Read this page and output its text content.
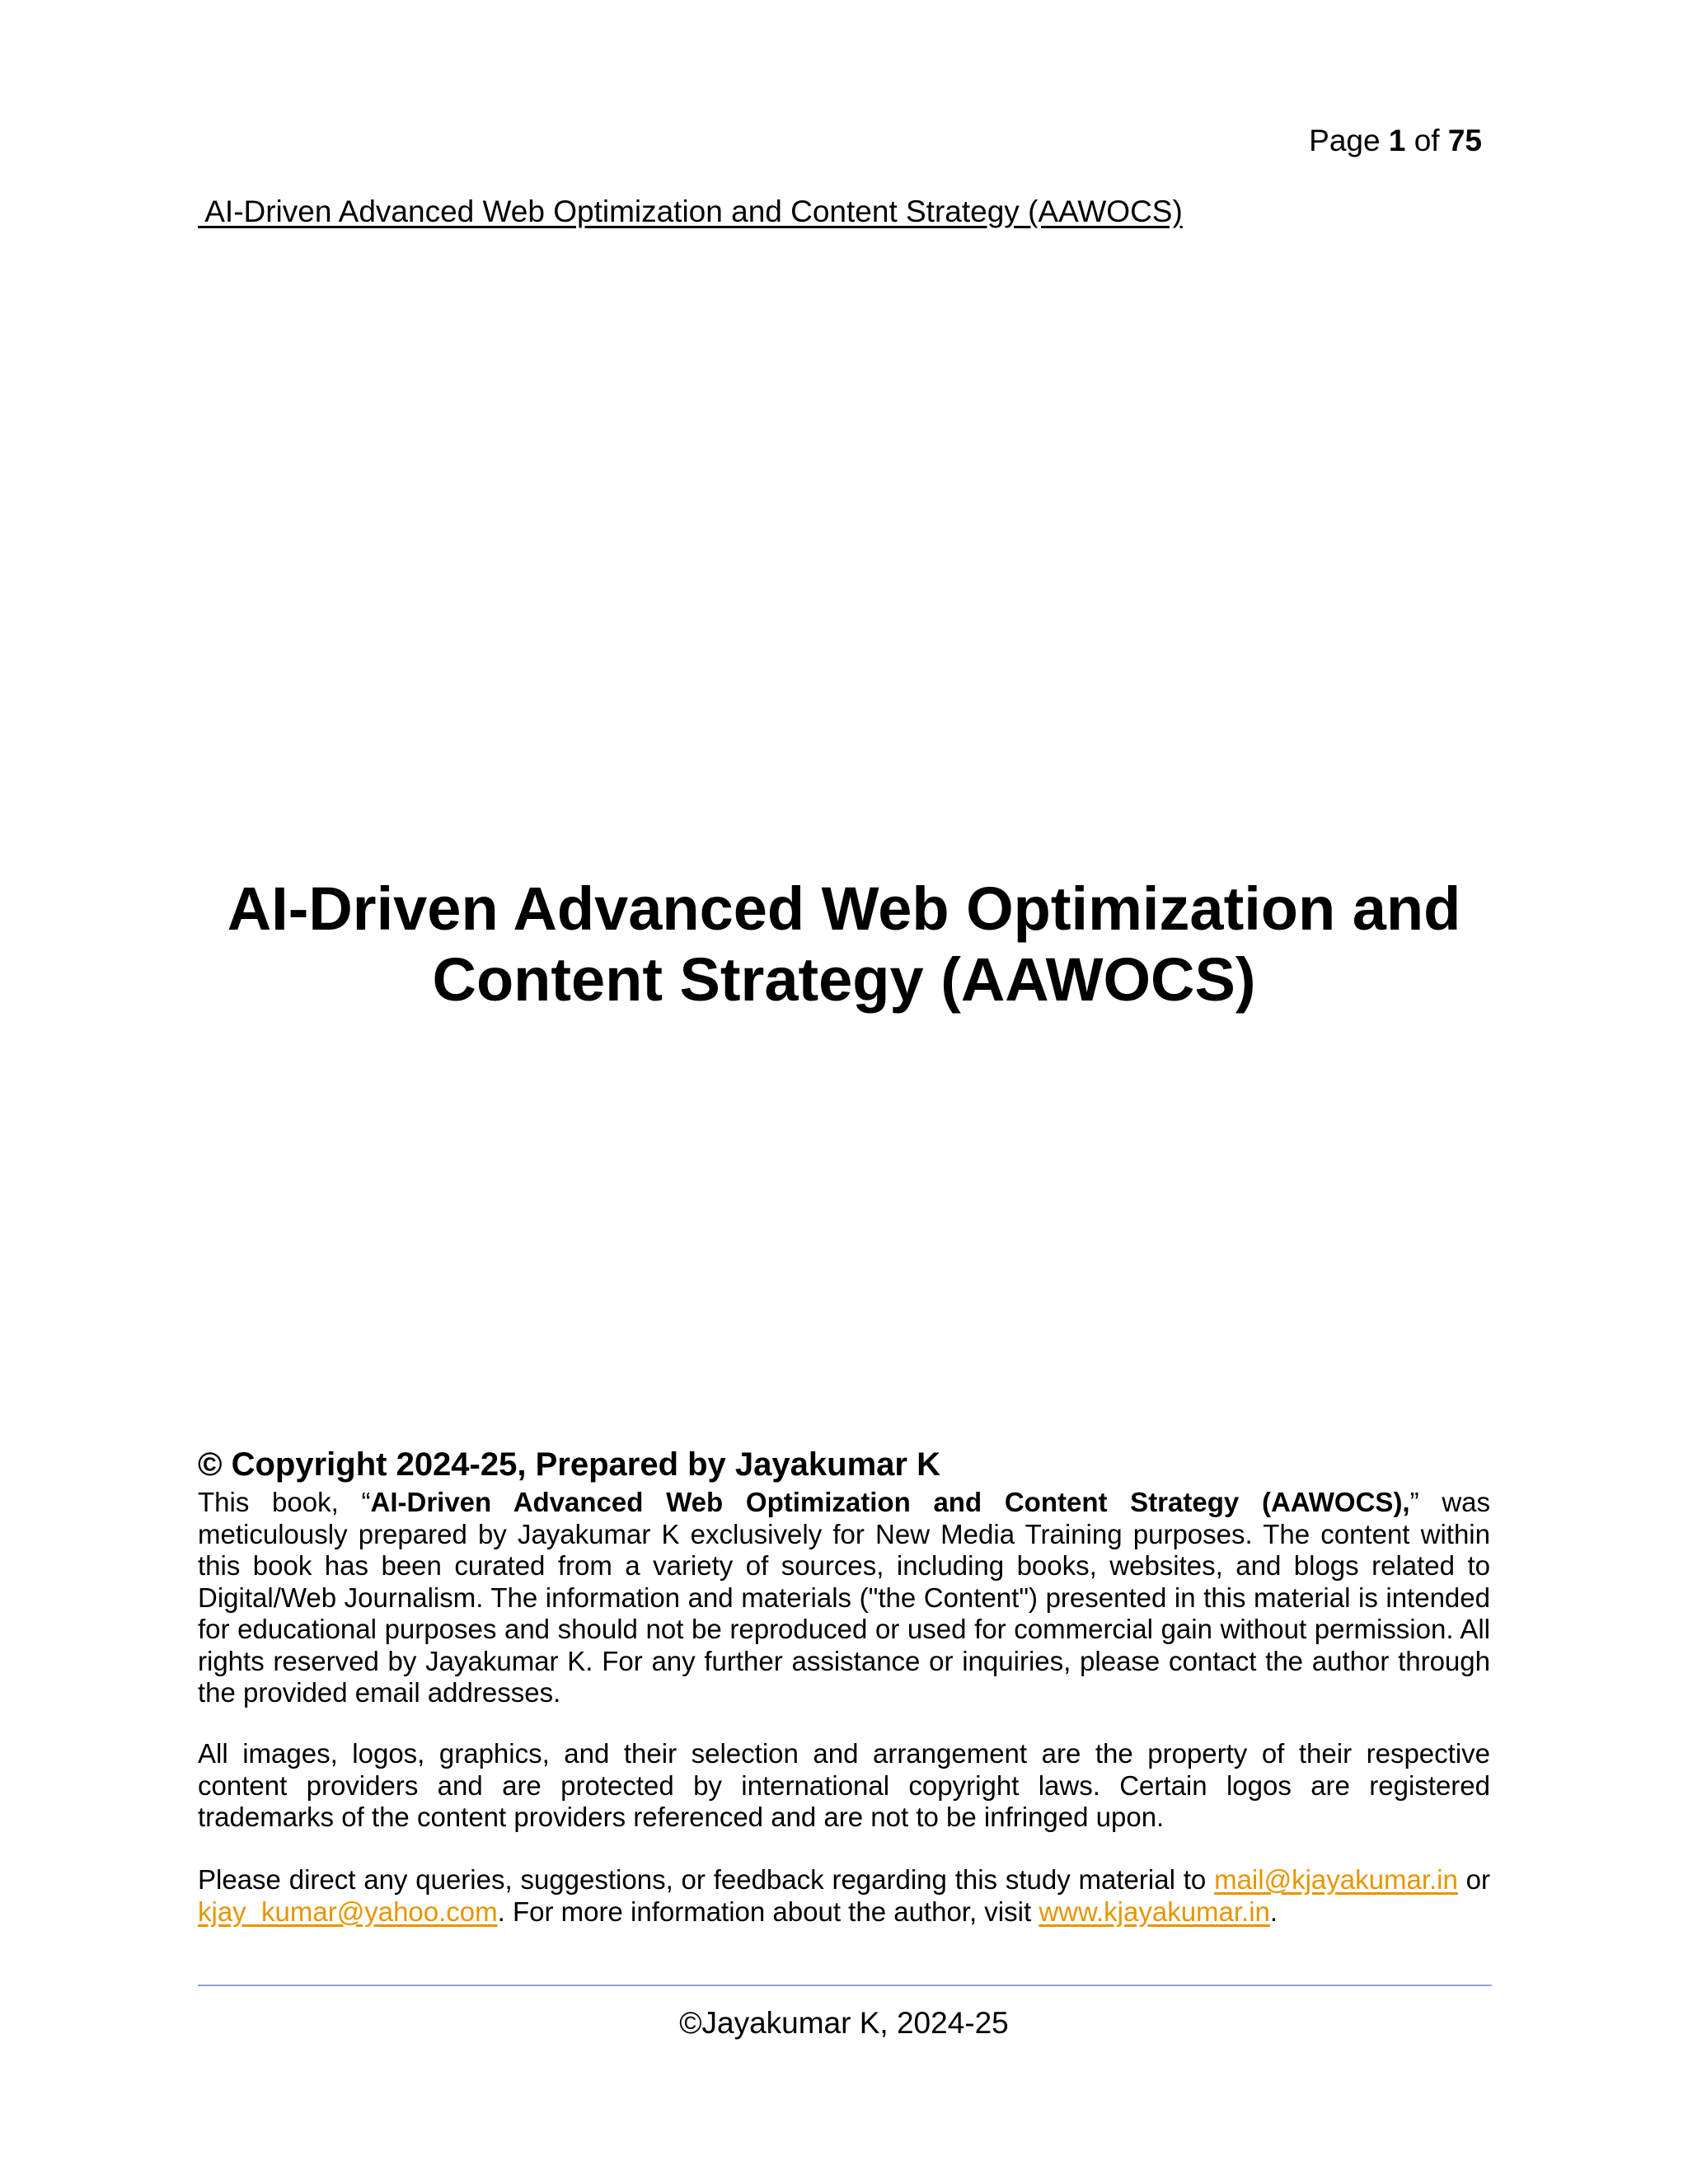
Page 1 of 75
AI-Driven Advanced Web Optimization and Content Strategy (AAWOCS)
AI-Driven Advanced Web Optimization and
Content Strategy (AAWOCS)
© Copyright 2024-25, Prepared by Jayakumar K

This book, “AI-Driven Advanced Web Optimization and Content Strategy (AAWOCS),” was meticulously prepared by Jayakumar K exclusively for New Media Training purposes. The content within this book has been curated from a variety of sources, including books, websites, and blogs related to Digital/Web Journalism. The information and materials ("the Content") presented in this material is intended for educational purposes and should not be reproduced or used for commercial gain without permission. All rights reserved by Jayakumar K. For any further assistance or inquiries, please contact the author through the provided email addresses.

All images, logos, graphics, and their selection and arrangement are the property of their respective content providers and are protected by international copyright laws. Certain logos are registered trademarks of the content providers referenced and are not to be infringed upon.

Please direct any queries, suggestions, or feedback regarding this study material to mail@kjayakumar.in or kjay_kumar@yahoo.com. For more information about the author, visit www.kjayakumar.in.

©Jayakumar K, 2024-25
